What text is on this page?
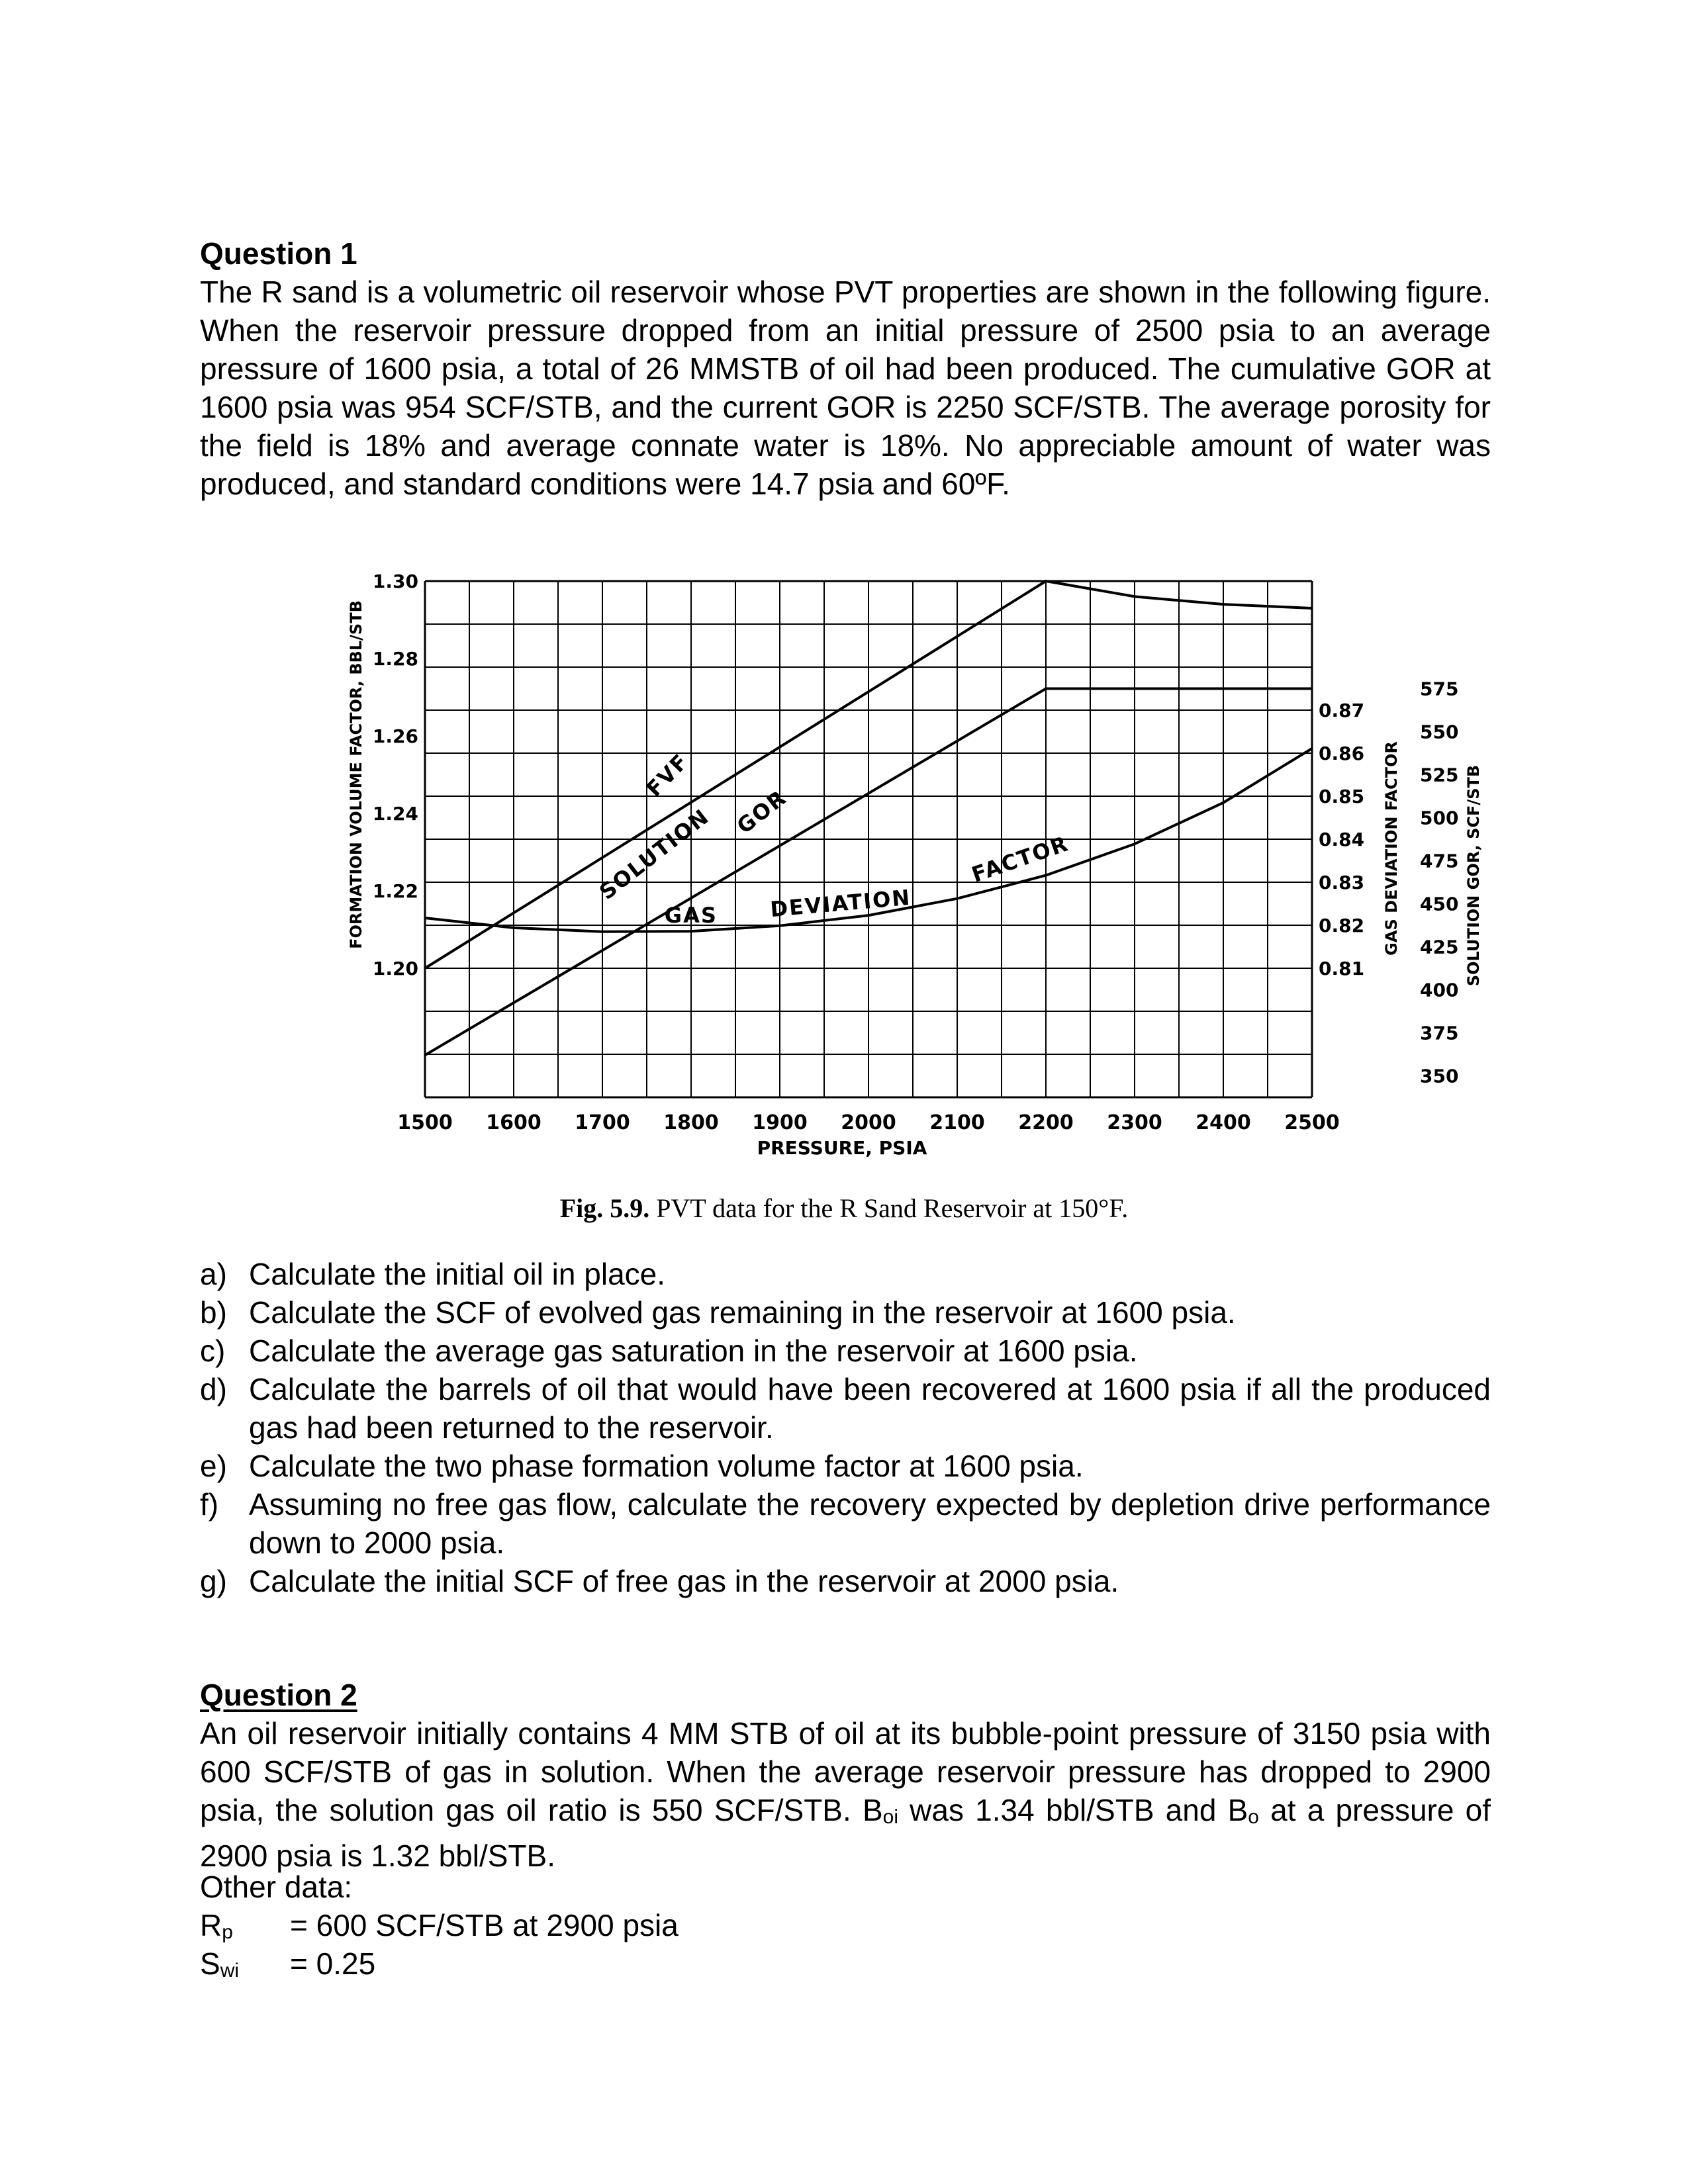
Question 1
The R sand is a volumetric oil reservoir whose PVT properties are shown in the following figure. When the reservoir pressure dropped from an initial pressure of 2500 psia to an average pressure of 1600 psia, a total of 26 MMSTB of oil had been produced. The cumulative GOR at 1600 psia was 954 SCF/STB, and the current GOR is 2250 SCF/STB. The average porosity for the field is 18% and average connate water is 18%. No appreciable amount of water was produced, and standard conditions were 14.7 psia and 60ºF.
1500 1600 1700 1800 1900 2000 2100 2200 2300 2400 2500
PRESSURE, PSIA
1.20
1.22
1.24
1.26
1.28
1.30
FORMATION VOLUME FACTOR, BBL/STB
0.81
0.82
0.83
0.84
0.85
0.86
0.87
GAS DEVIATION FACTOR
350
375
400
425
450
475
500
525
550
575
SOLUTION GOR, SCF/STB
FVF
SOLUTION GOR
GAS DEVIATION
FACTOR
Fig. 5.9. PVT data for the R Sand Reservoir at 150°F.
a) Calculate the initial oil in place.
b) Calculate the SCF of evolved gas remaining in the reservoir at 1600 psia.
c) Calculate the average gas saturation in the reservoir at 1600 psia.
d) Calculate the barrels of oil that would have been recovered at 1600 psia if all the produced gas had been returned to the reservoir.
e) Calculate the two phase formation volume factor at 1600 psia.
f) Assuming no free gas flow, calculate the recovery expected by depletion drive performance down to 2000 psia.
g) Calculate the initial SCF of free gas in the reservoir at 2000 psia.
Question 2
An oil reservoir initially contains 4 MM STB of oil at its bubble-point pressure of 3150 psia with 600 SCF/STB of gas in solution. When the average reservoir pressure has dropped to 2900 psia, the solution gas oil ratio is 550 SCF/STB. Boi was 1.34 bbl/STB and Bo at a pressure of 2900 psia is 1.32 bbl/STB.
Other data:
Rp = 600 SCF/STB at 2900 psia
Swi = 0.25
